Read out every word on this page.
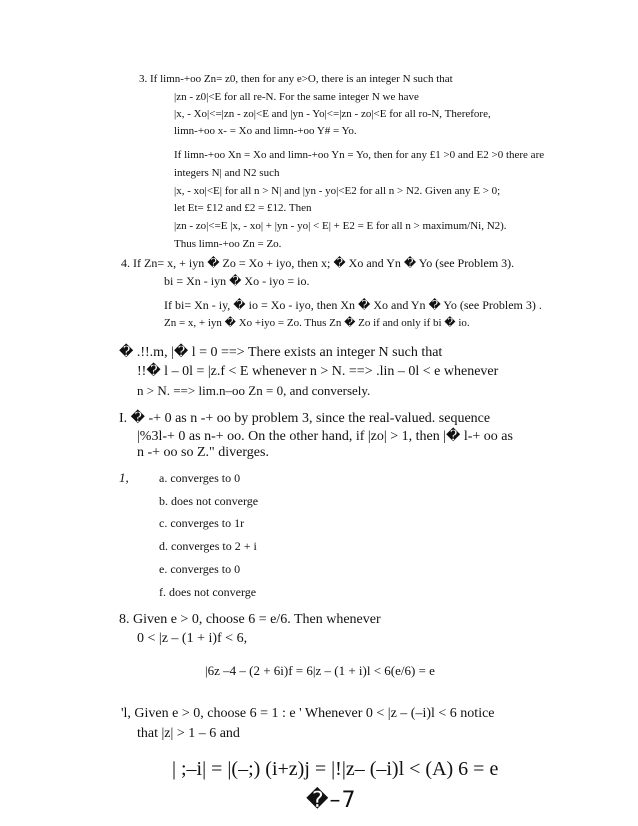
3. If limn-+oo Zn= z0, then for any e>O, there is an integer N such that
|zn - z0|<E for all re-N. For the same integer N we have
|x, - Xo|<=|zn - zo|<E and |yn - Yo|<=|zn - zo|<E for all ro-N, Therefore,
limn-+oo x- = Xo and limn-+oo Y# = Yo.
If limn-+oo Xn = Xo and limn-+oo Yn = Yo, then for any £1 >0 and E2 >0 there are
integers N| and N2 such
|x, - xo|<E| for all n > N| and |yn - yo|<E2 for all n > N2. Given any E > 0;
let Et= £12 and £2 = £12. Then
|zn - zo|<=E |x, - xo| + |yn - yo| < E| + E2 = E for all n > maximum/Ni, N2).
Thus limn-+oo Zn = Zo.
4. If Zn= x, + iyn � Zo = Xo + iyo, then x; � Xo and Yn � Yo (see Problem 3).
bi = Xn - iyn � Xo - iyo = io.
If bi= Xn - iy, � io = Xo - iyo, then Xn � Xo and Yn � Yo (see Problem 3) .
Zn = x, + iyn � Xo +iyo = Zo. Thus Zn � Zo if and only if bi � io.
� .!!.m, |� l = 0 ==> There exists an integer N such that
!!� l – 0l = |z.f < E whenever n > N. ==> .lin – 0l < e whenever
n > N. ==> lim.n–oo Zn = 0, and conversely.
I. � -+ 0 as n -+ oo by problem 3, since the real-valued. sequence
|%3l-+ 0 as n-+ oo. On the other hand, if |zo| > 1, then |� l-+ oo as
n -+ oo so Z." diverges.
1,	a. converges to 0
b. does not converge
c. converges to 1r
d. converges to 2 + i
e. converges to 0
f. does not converge
8. Given e > 0, choose 6 = e/6. Then whenever
0 < |z – (1 + i)f < 6,
|6z –4 – (2 + 6i)f = 6|z – (1 + i)l < 6(e/6) = e
'l, Given e > 0, choose 6 = 1 : e ' Whenever 0 < |z – (–i)l < 6 notice
that |z| > 1 – 6 and
| ;–i| = |(–;) (i+z)j = |!|z– (–i)l < (A) 6 = e
�–7
